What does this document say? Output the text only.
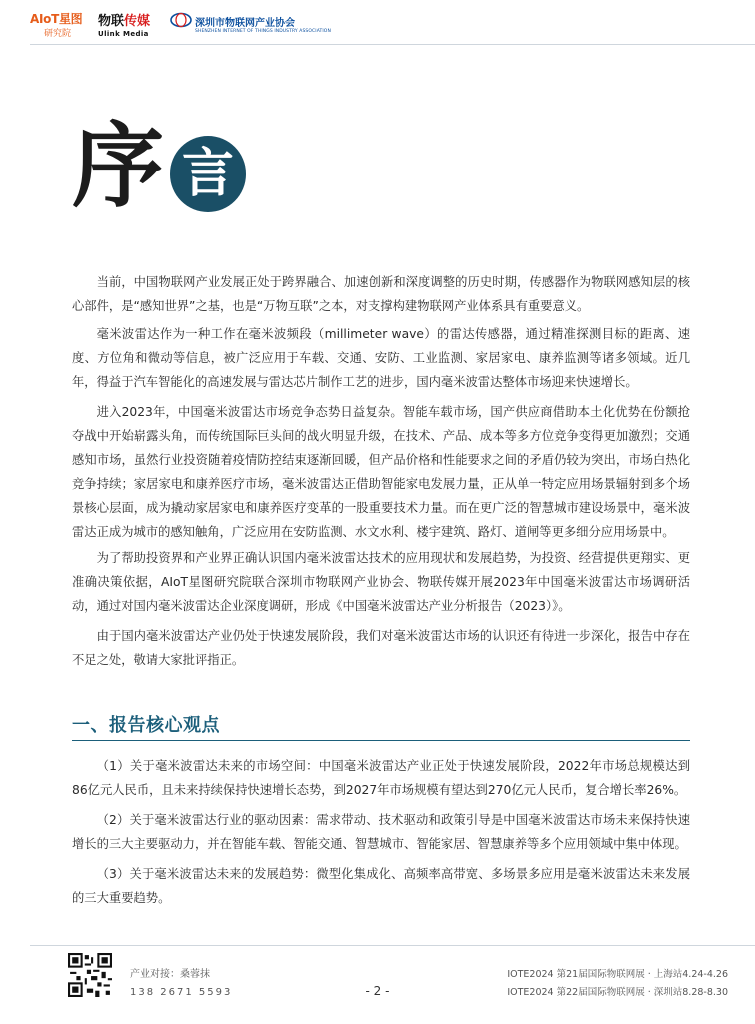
AIoT星图
研究院
物联传媒
Ulink Media
深圳市物联网产业协会
SHENZHEN INTERNET OF THINGS INDUSTRY ASSOCIATION
序 言

当前，中国物联网产业发展正处于跨界融合、加速创新和深度调整的历史时期，传感器作为物联网感知层的核心部件，是“感知世界”之基，也是“万物互联”之本，对支撑构建物联网产业体系具有重要意义。

毫米波雷达作为一种工作在毫米波频段（millimeter wave）的雷达传感器，通过精准探测目标的距离、速度、方位角和微动等信息，被广泛应用于车载、交通、安防、工业监测、家居家电、康养监测等诸多领域。近几年，得益于汽车智能化的高速发展与雷达芯片制作工艺的进步，国内毫米波雷达整体市场迎来快速增长。

进入2023年，中国毫米波雷达市场竞争态势日益复杂。智能车载市场，国产供应商借助本土化优势在份额抢夺战中开始崭露头角，而传统国际巨头间的战火明显升级，在技术、产品、成本等多方位竞争变得更加激烈；交通感知市场，虽然行业投资随着疫情防控结束逐渐回暖，但产品价格和性能要求之间的矛盾仍较为突出，市场白热化竞争持续；家居家电和康养医疗市场，毫米波雷达正借助智能家电发展力量，正从单一特定应用场景辐射到多个场景核心层面，成为撬动家居家电和康养医疗变革的一股重要技术力量。而在更广泛的智慧城市建设场景中，毫米波雷达正成为城市的感知触角，广泛应用在安防监测、水文水利、楼宇建筑、路灯、道闸等更多细分应用场景中。

为了帮助投资界和产业界正确认识国内毫米波雷达技术的应用现状和发展趋势，为投资、经营提供更翔实、更准确决策依据，AIoT星图研究院联合深圳市物联网产业协会、物联传媒开展2023年中国毫米波雷达市场调研活动，通过对国内毫米波雷达企业深度调研，形成《中国毫米波雷达产业分析报告（2023）》。

由于国内毫米波雷达产业仍处于快速发展阶段，我们对毫米波雷达市场的认识还有待进一步深化，报告中存在不足之处，敬请大家批评指正。

一、报告核心观点

（1）关于毫米波雷达未来的市场空间：中国毫米波雷达产业正处于快速发展阶段，2022年市场总规模达到86亿元人民币，且未来持续保持快速增长态势，到2027年市场规模有望达到270亿元人民币，复合增长率26%。

（2）关于毫米波雷达行业的驱动因素：需求带动、技术驱动和政策引导是中国毫米波雷达市场未来保持快速增长的三大主要驱动力，并在智能车载、智能交通、智慧城市、智能家居、智慧康养等多个应用领域中集中体现。

（3）关于毫米波雷达未来的发展趋势：微型化集成化、高频率高带宽、多场景多应用是毫米波雷达未来发展的三大重要趋势。

产业对接：桑蓉抹
138 2671 5593	- 2 -
IOTE2024 第21届国际物联网展 · 上海站4.24-4.26
IOTE2024 第22届国际物联网展 · 深圳站8.28-8.30
